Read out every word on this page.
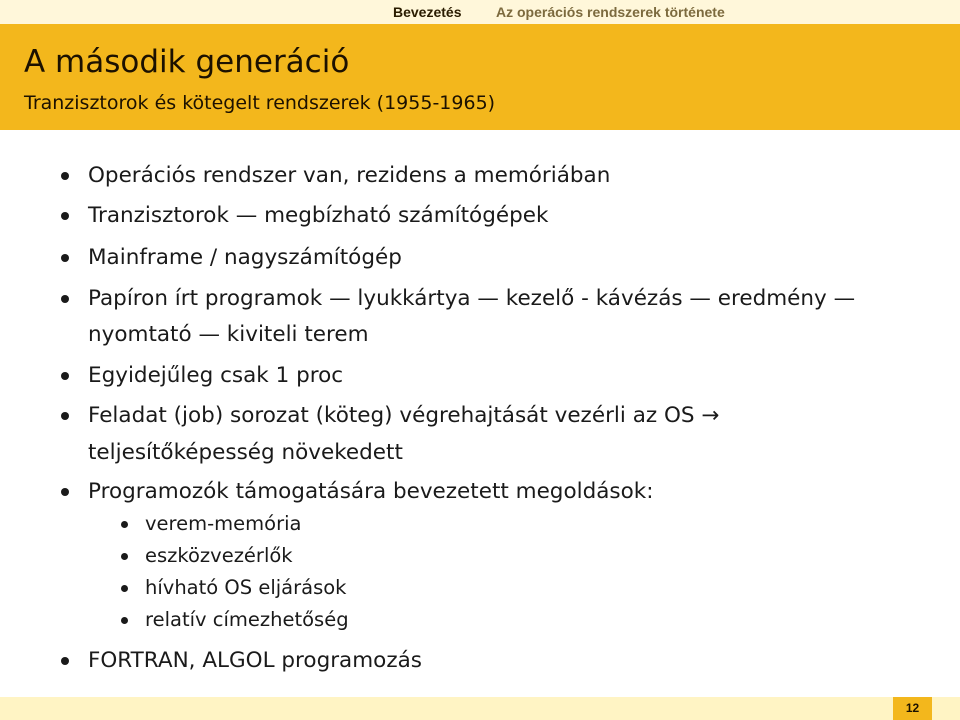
Bevezetés Az operációs rendszerek története
A második generáció

Tranzisztorok és kötegelt rendszerek (1955-1965)

Operációs rendszer van, rezidens a memóriában
Tranzisztorok — megbízható számítógépek
Mainframe / nagyszámítógép
Papíron írt programok — lyukkártya — kezelő - kávézás — eredmény —
nyomtató — kiviteli terem
Egyidejűleg csak 1 proc
Feladat (job) sorozat (köteg) végrehajtását vezérli az OS →
teljesítőképesség növekedett
Programozók támogatására bevezetett megoldások:
verem-memória
eszközvezérlők
hívható OS eljárások
relatív címezhetőség
FORTRAN, ALGOL programozás
12
